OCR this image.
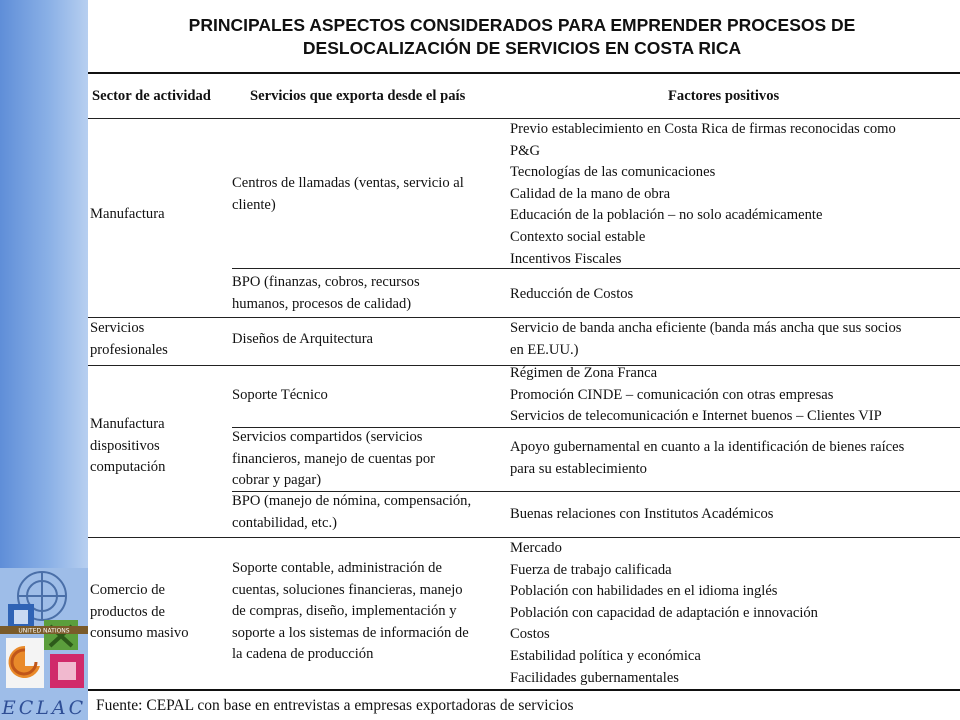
UNITED NATIONS
ECLAC
PRINCIPALES ASPECTOS CONSIDERADOS PARA EMPRENDER PROCESOS DE
DESLOCALIZACIÓN DE SERVICIOS EN COSTA RICA
Sector de actividad	Servicios que exporta desde el país	Factores positivos
Manufactura
Centros de llamadas (ventas, servicio al
cliente)
Previo establecimiento en Costa Rica de firmas reconocidas como
P&G
Tecnologías de las comunicaciones
Calidad de la mano de obra
Educación de la población – no solo académicamente
Contexto social estable
Incentivos Fiscales
BPO (finanzas, cobros, recursos
humanos, procesos de calidad)
Reducción de Costos
Servicios
profesionales
Diseños de Arquitectura
Servicio de banda ancha eficiente (banda más ancha que sus socios
en EE.UU.)
Manufactura
dispositivos
computación
Soporte Técnico
Régimen de Zona Franca
Promoción CINDE – comunicación con otras empresas
Servicios de telecomunicación e Internet buenos – Clientes VIP
Servicios compartidos (servicios
financieros, manejo de cuentas por
cobrar y pagar)
Apoyo gubernamental en cuanto a la identificación de bienes raíces
para su establecimiento
BPO (manejo de nómina, compensación,
contabilidad, etc.)
Buenas relaciones con Institutos Académicos
Comercio de
productos de
consumo masivo
Soporte contable, administración de
cuentas, soluciones financieras, manejo
de compras, diseño, implementación y
soporte a los sistemas de información de
la cadena de producción
Mercado
Fuerza de trabajo calificada
Población con habilidades en el idioma inglés
Población con capacidad de adaptación e innovación
Costos
Estabilidad política y económica
Facilidades gubernamentales
Fuente: CEPAL con base en entrevistas a empresas exportadoras de servicios
